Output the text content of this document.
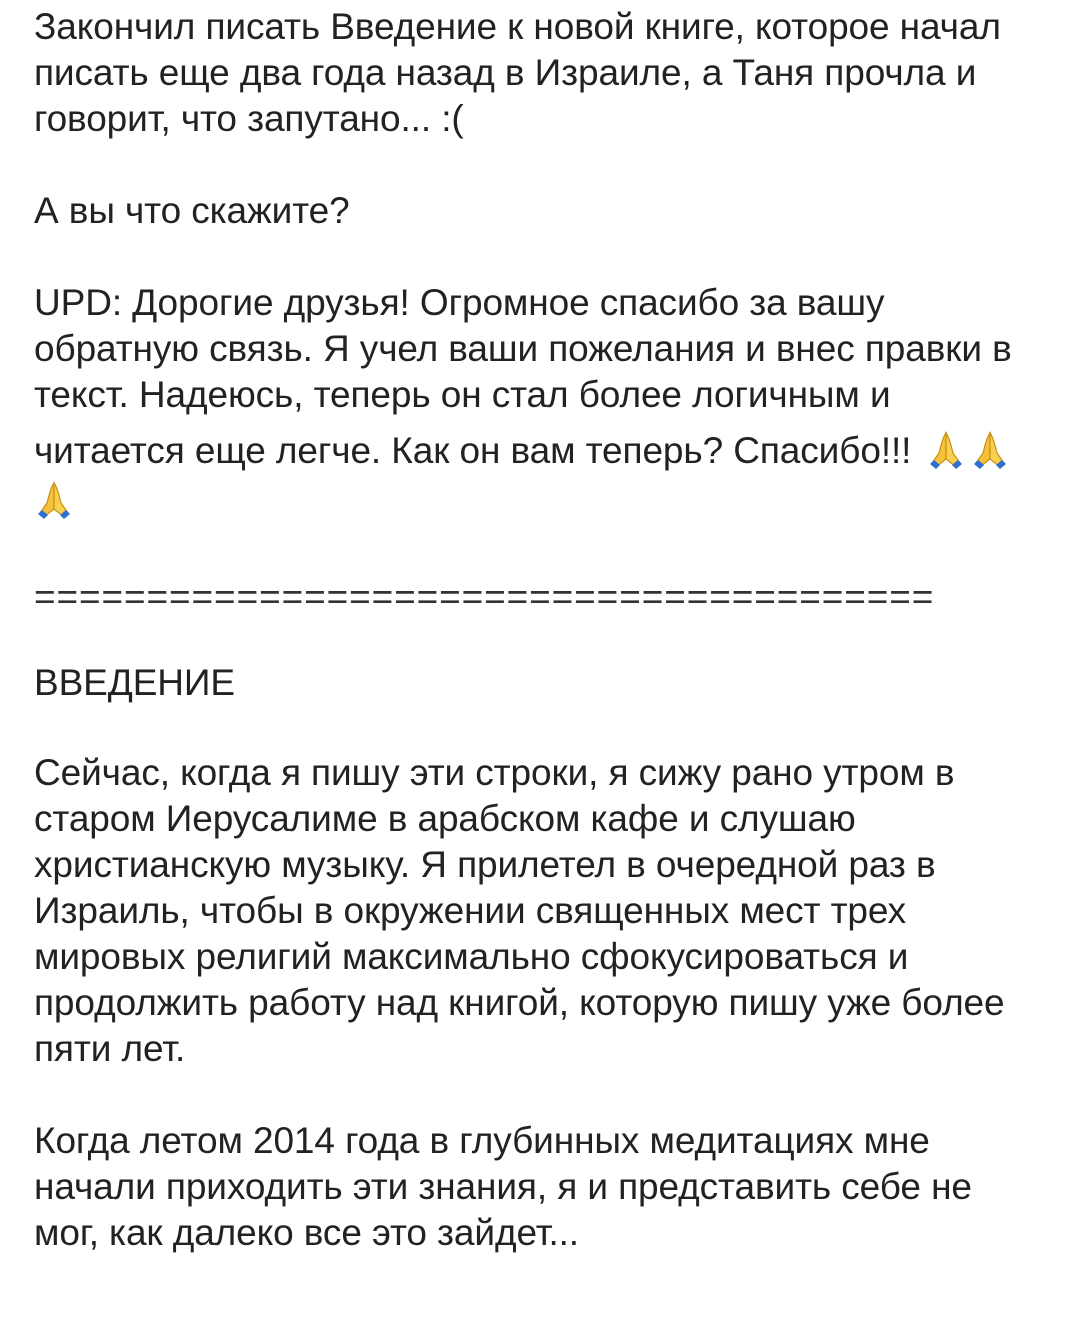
Закончил писать Введение к новой книге, которое начал
писать еще два года назад в Израиле, а Таня прочла и
говорит, что запутано... :(

А вы что скажите?

UPD: Дорогие друзья! Огромное спасибо за вашу
обратную связь. Я учел ваши пожелания и внес правки в
текст. Надеюсь, теперь он стал более логичным и
читается еще легче. Как он вам теперь? Спасибо!!!

========================================

ВВЕДЕНИЕ

Сейчас, когда я пишу эти строки, я сижу рано утром в
старом Иерусалиме в арабском кафе и слушаю
христианскую музыку. Я прилетел в очередной раз в
Израиль, чтобы в окружении священных мест трех
мировых религий максимально сфокусироваться и
продолжить работу над книгой, которую пишу уже более
пяти лет.

Когда летом 2014 года в глубинных медитациях мне
начали приходить эти знания, я и представить себе не
мог, как далеко все это зайдет...
